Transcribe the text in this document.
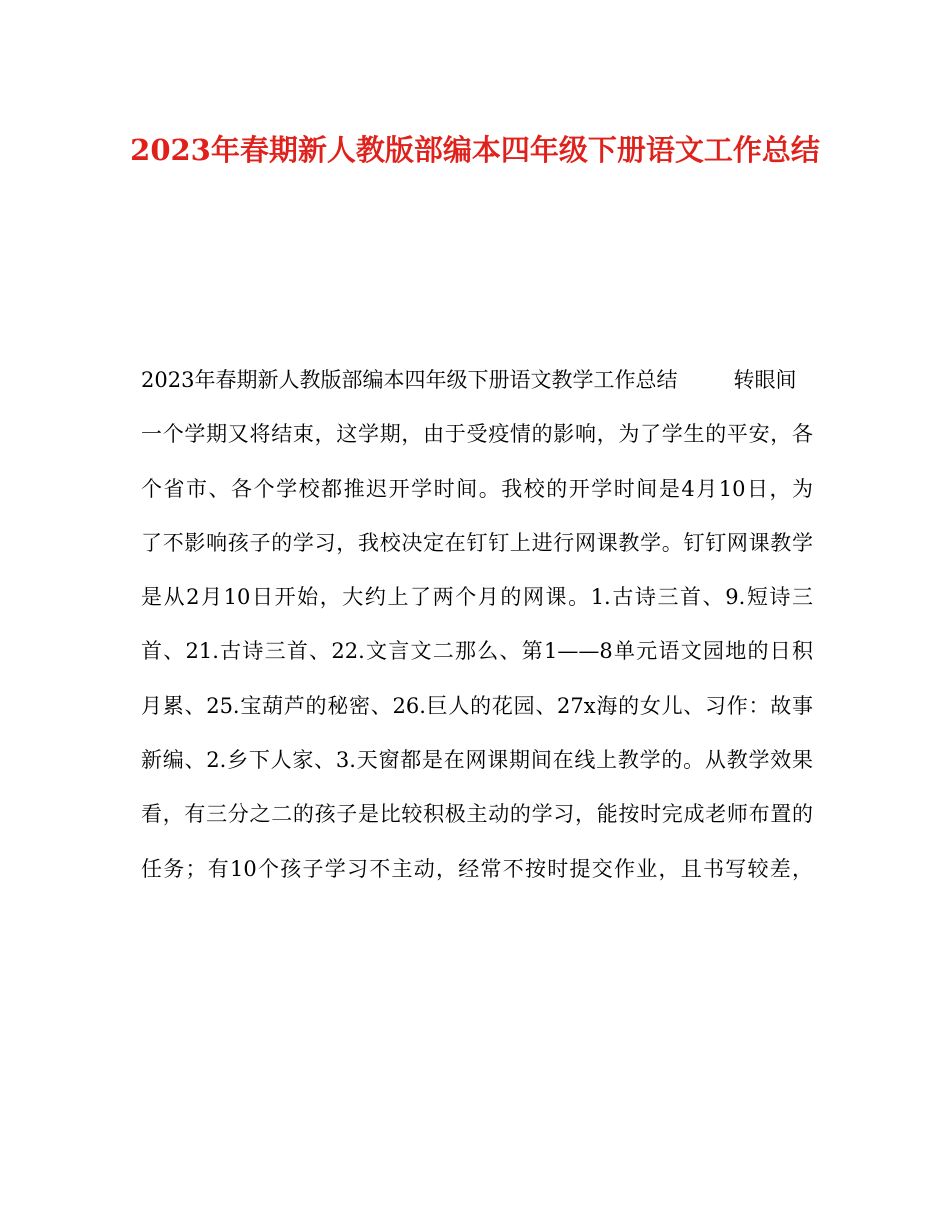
2023年春期新人教版部编本四年级下册语文工作总结
2023年春期新人教版部编本四年级下册语文教学工作总结	转眼间
一个学期又将结束，这学期，由于受疫情的影响，为了学生的平安，各
个省市、各个学校都推迟开学时间。我校的开学时间是4月10日，为
了不影响孩子的学习，我校决定在钉钉上进行网课教学。钉钉网课教学
是从2月10日开始，大约上了两个月的网课。1.古诗三首、9.短诗三
首、21.古诗三首、22.文言文二那么、第1——8单元语文园地的日积
月累、25.宝葫芦的秘密、26.巨人的花园、27x海的女儿、习作：故事
新编、2.乡下人家、3.天窗都是在网课期间在线上教学的。从教学效果
看，有三分之二的孩子是比较积极主动的学习，能按时完成老师布置的
任务；有10个孩子学习不主动，经常不按时提交作业，且书写较差，
